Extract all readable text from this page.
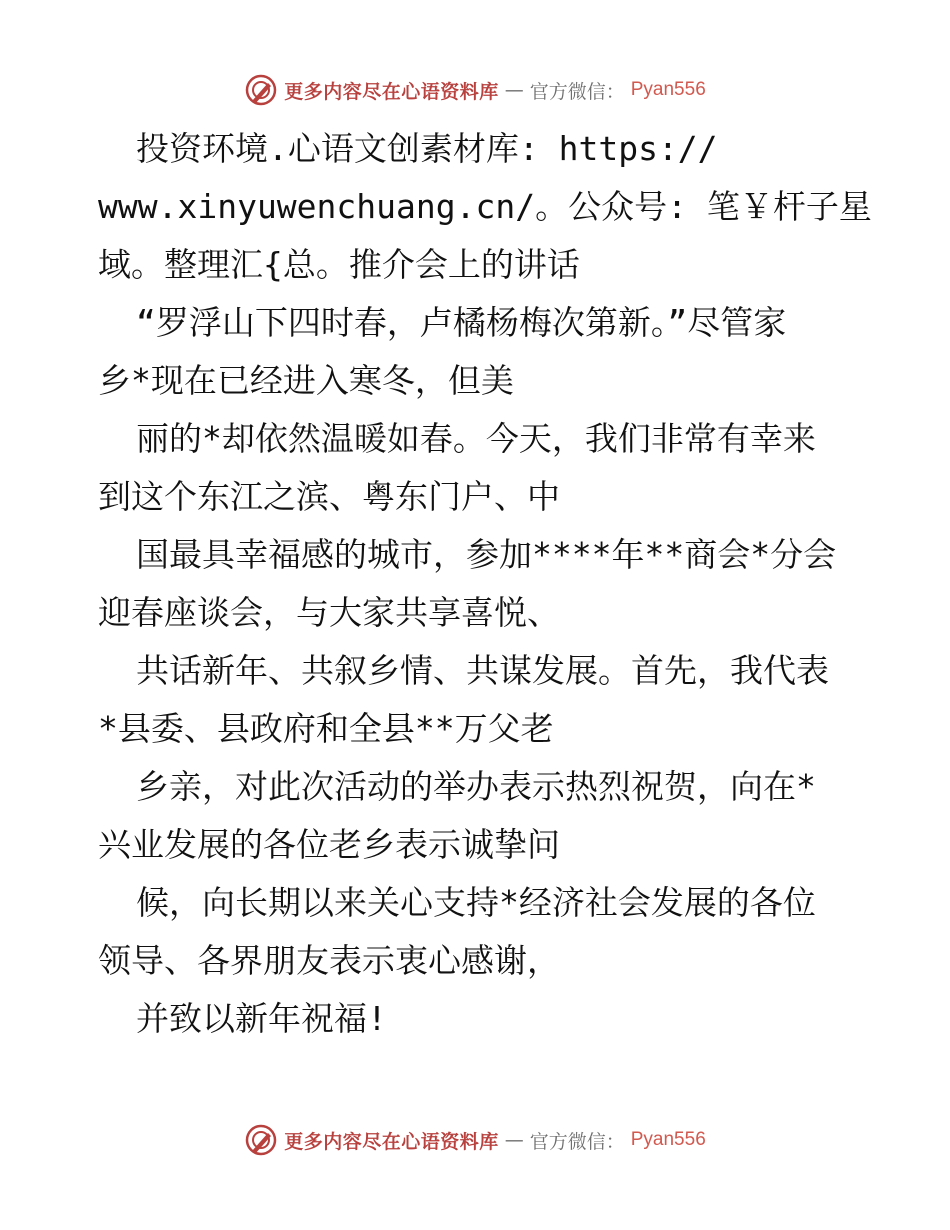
更多内容尽在心语资料库 — 官方微信： Pyan556
投资环境.心语文创素材库: https://
www.xinyuwenchuang.cn/。公众号: 笔￥杆子星
域。整理汇{总。推介会上的讲话
“罗浮山下四时春，卢橘杨梅次第新。”尽管家
乡*现在已经进入寒冬，但美
丽的*却依然温暖如春。今天，我们非常有幸来
到这个东江之滨、粤东门户、中
国最具幸福感的城市，参加****年**商会*分会
迎春座谈会，与大家共享喜悦、
共话新年、共叙乡情、共谋发展。首先，我代表
*县委、县政府和全县**万父老
乡亲，对此次活动的举办表示热烈祝贺，向在*
兴业发展的各位老乡表示诚挚问
候，向长期以来关心支持*经济社会发展的各位
领导、各界朋友表示衷心感谢，
并致以新年祝福!
更多内容尽在心语资料库 — 官方微信： Pyan556
